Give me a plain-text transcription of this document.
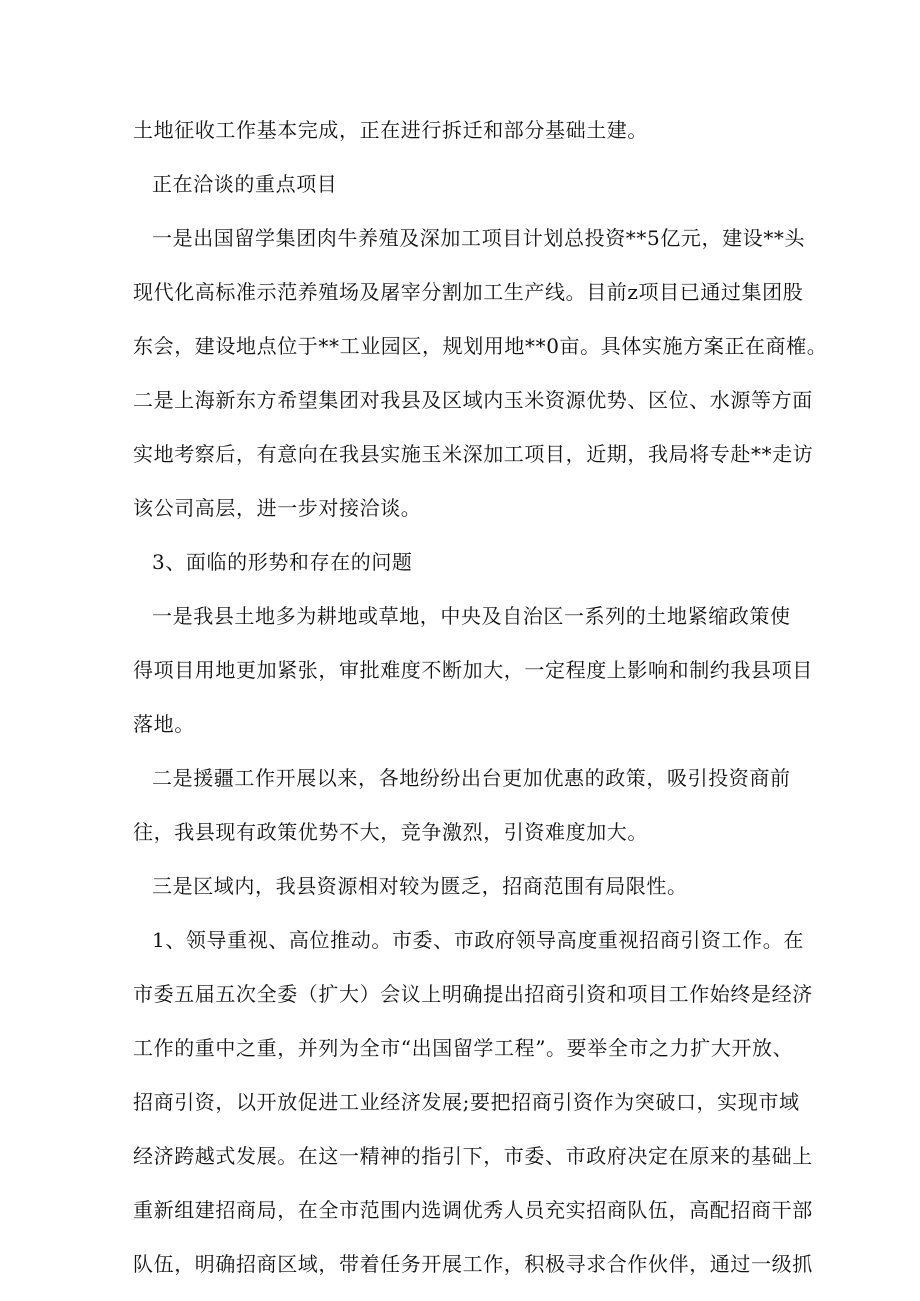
土地征收工作基本完成，正在进行拆迁和部分基础土建。
正在洽谈的重点项目
一是出国留学集团肉牛养殖及深加工项目计划总投资**5亿元，建设**头
现代化高标准示范养殖场及屠宰分割加工生产线。目前z项目已通过集团股
东会，建设地点位于**工业园区，规划用地**0亩。具体实施方案正在商榷。
二是上海新东方希望集团对我县及区域内玉米资源优势、区位、水源等方面
实地考察后，有意向在我县实施玉米深加工项目，近期，我局将专赴**走访
该公司高层，进一步对接洽谈。
3、面临的形势和存在的问题
一是我县土地多为耕地或草地，中央及自治区一系列的土地紧缩政策使
得项目用地更加紧张，审批难度不断加大，一定程度上影响和制约我县项目
落地。
二是援疆工作开展以来，各地纷纷出台更加优惠的政策，吸引投资商前
往，我县现有政策优势不大，竞争激烈，引资难度加大。
三是区域内，我县资源相对较为匮乏，招商范围有局限性。
1、领导重视、高位推动。市委、市政府领导高度重视招商引资工作。在
市委五届五次全委（扩大）会议上明确提出招商引资和项目工作始终是经济
工作的重中之重，并列为全市“出国留学工程”。要举全市之力扩大开放、
招商引资，以开放促进工业经济发展;要把招商引资作为突破口，实现市域
经济跨越式发展。在这一精神的指引下，市委、市政府决定在原来的基础上
重新组建招商局，在全市范围内选调优秀人员充实招商队伍，高配招商干部
队伍，明确招商区域，带着任务开展工作，积极寻求合作伙伴，通过一级抓
